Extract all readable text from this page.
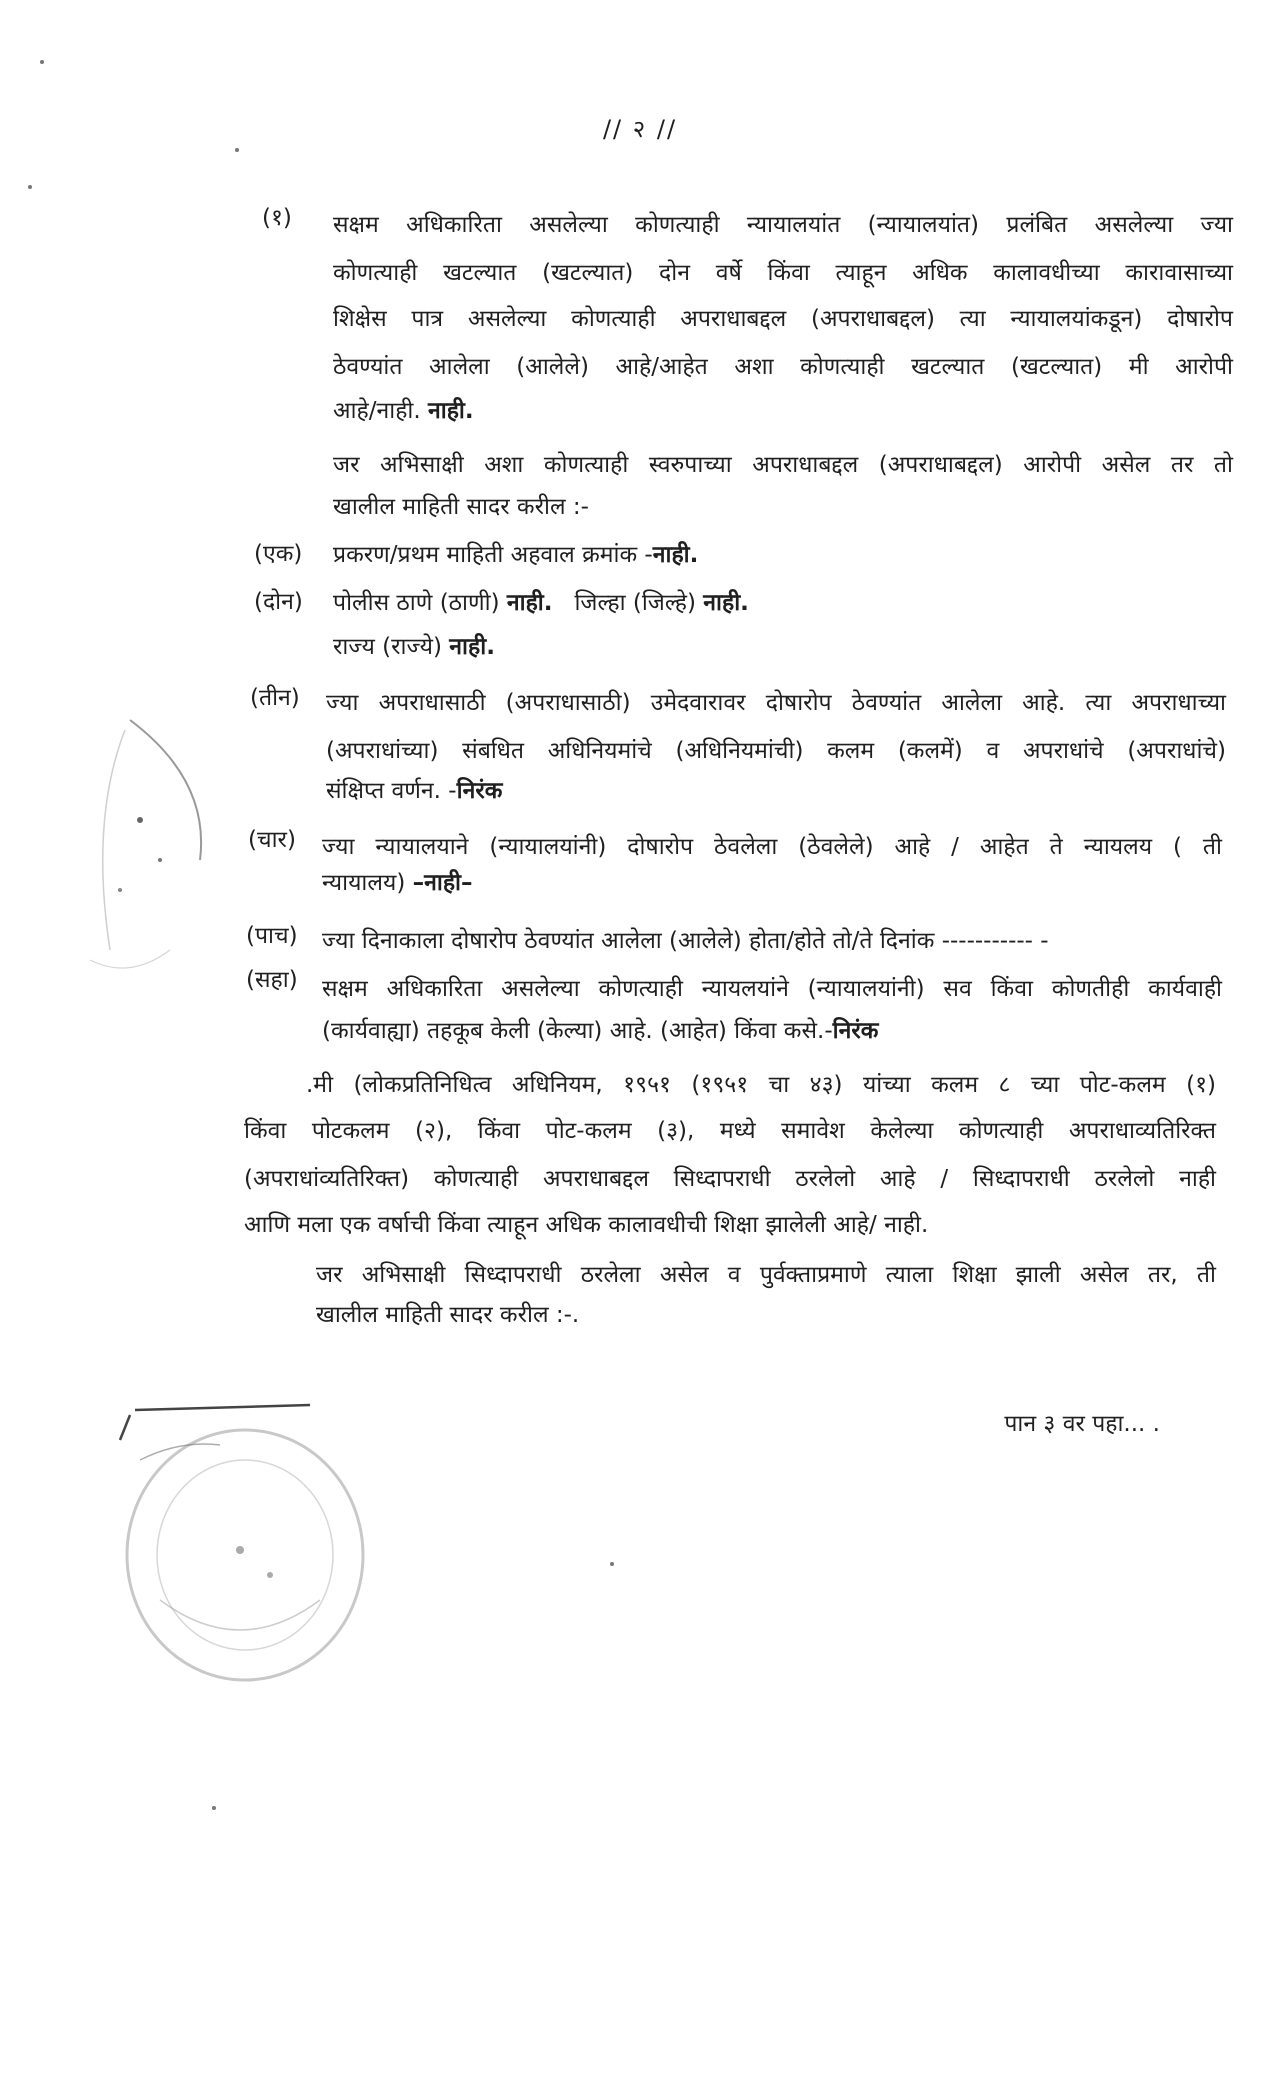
// २ //
(१) सक्षम अधिकारिता असलेल्या कोणत्याही न्यायालयांत (न्यायालयांत) प्रलंबित असलेल्या ज्या
कोणत्याही खटल्यात (खटल्यात) दोन वर्षे किंवा त्याहून अधिक कालावधीच्या कारावासाच्या
शिक्षेस पात्र असलेल्या कोणत्याही अपराधाबद्दल (अपराधाबद्दल) त्या न्यायालयांकडून) दोषारोप
ठेवण्यांत आलेला (आलेले) आहे/आहेत अशा कोणत्याही खटल्यात (खटल्यात) मी आरोपी
आहे/नाही. नाही.
जर अभिसाक्षी अशा कोणत्याही स्वरुपाच्या अपराधाबद्दल (अपराधाबद्दल) आरोपी असेल तर तो
खालील माहिती सादर करील :-
(एक) प्रकरण/प्रथम माहिती अहवाल क्रमांक -नाही.
(दोन) पोलीस ठाणे (ठाणी) नाही. जिल्हा (जिल्हे) नाही.
राज्य (राज्ये) नाही.
(तीन) ज्या अपराधासाठी (अपराधासाठी) उमेदवारावर दोषारोप ठेवण्यांत आलेला आहे. त्या अपराधाच्या
(अपराधांच्या) संबधित अधिनियमांचे (अधिनियमांची) कलम (कलमें) व अपराधांचे (अपराधांचे)
संक्षिप्त वर्णन. -निरंक
(चार) ज्या न्यायालयाने (न्यायालयांनी) दोषारोप ठेवलेला (ठेवलेले) आहे / आहेत ते न्यायलय ( ती
न्यायालय) –नाही–
(पाच) ज्या दिनाकाला दोषारोप ठेवण्यांत आलेला (आलेले) होता/होते तो/ते दिनांक ----------- -
(सहा) सक्षम अधिकारिता असलेल्या कोणत्याही न्यायलयांने (न्यायालयांनी) सव किंवा कोणतीही कार्यवाही
(कार्यवाह्या) तहकूब केली (केल्या) आहे. (आहेत) किंवा कसे.-निरंक
.मी (लोकप्रतिनिधित्व अधिनियम, १९५१ (१९५१ चा ४३) यांच्या कलम ८ च्या पोट-कलम (१)
किंवा पोटकलम (२), किंवा पोट-कलम (३), मध्ये समावेश केलेल्या कोणत्याही अपराधाव्यतिरिक्त
(अपराधांव्यतिरिक्त) कोणत्याही अपराधाबद्दल सिध्दापराधी ठरलेलो आहे / सिध्दापराधी ठरलेलो नाही
आणि मला एक वर्षाची किंवा त्याहून अधिक कालावधीची शिक्षा झालेली आहे/ नाही.
जर अभिसाक्षी सिध्दापराधी ठरलेला असेल व पुर्वक्ताप्रमाणे त्याला शिक्षा झाली असेल तर, ती
खालील माहिती सादर करील :-.
पान ३ वर पहा... .
